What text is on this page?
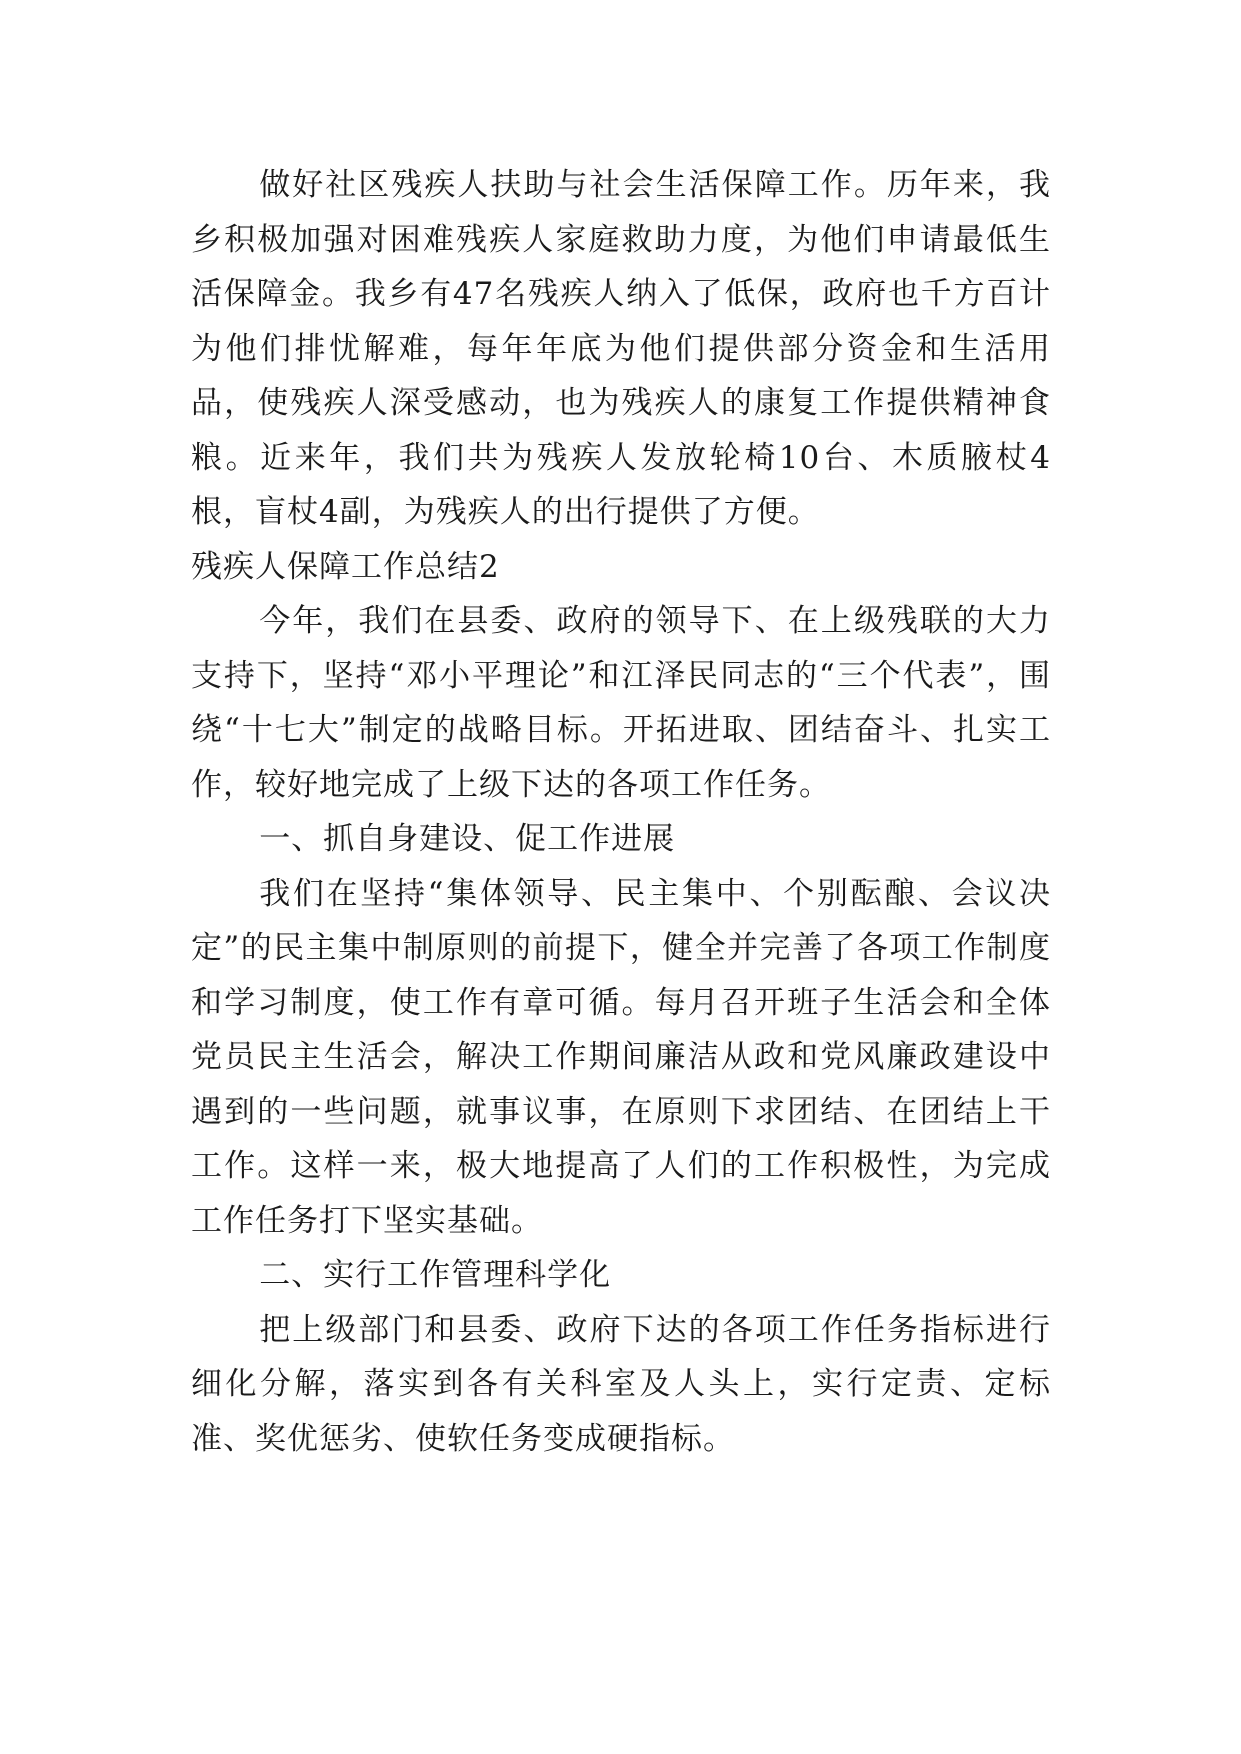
做好社区残疾人扶助与社会生活保障工作。历年来，我乡积极加强对困难残疾人家庭救助力度，为他们申请最低生活保障金。我乡有47名残疾人纳入了低保，政府也千方百计为他们排忧解难，每年年底为他们提供部分资金和生活用品，使残疾人深受感动，也为残疾人的康复工作提供精神食粮。近来年，我们共为残疾人发放轮椅10台、木质腋杖4根，盲杖4副，为残疾人的出行提供了方便。

残疾人保障工作总结2

今年，我们在县委、政府的领导下、在上级残联的大力支持下，坚持“邓小平理论”和江泽民同志的“三个代表”，围绕“十七大”制定的战略目标。开拓进取、团结奋斗、扎实工作，较好地完成了上级下达的各项工作任务。

一、抓自身建设、促工作进展

我们在坚持“集体领导、民主集中、个别酝酿、会议决定”的民主集中制原则的前提下，健全并完善了各项工作制度和学习制度，使工作有章可循。每月召开班子生活会和全体党员民主生活会，解决工作期间廉洁从政和党风廉政建设中遇到的一些问题，就事议事，在原则下求团结、在团结上干工作。这样一来，极大地提高了人们的工作积极性，为完成工作任务打下坚实基础。

二、实行工作管理科学化

把上级部门和县委、政府下达的各项工作任务指标进行细化分解，落实到各有关科室及人头上，实行定责、定标准、奖优惩劣、使软任务变成硬指标。
